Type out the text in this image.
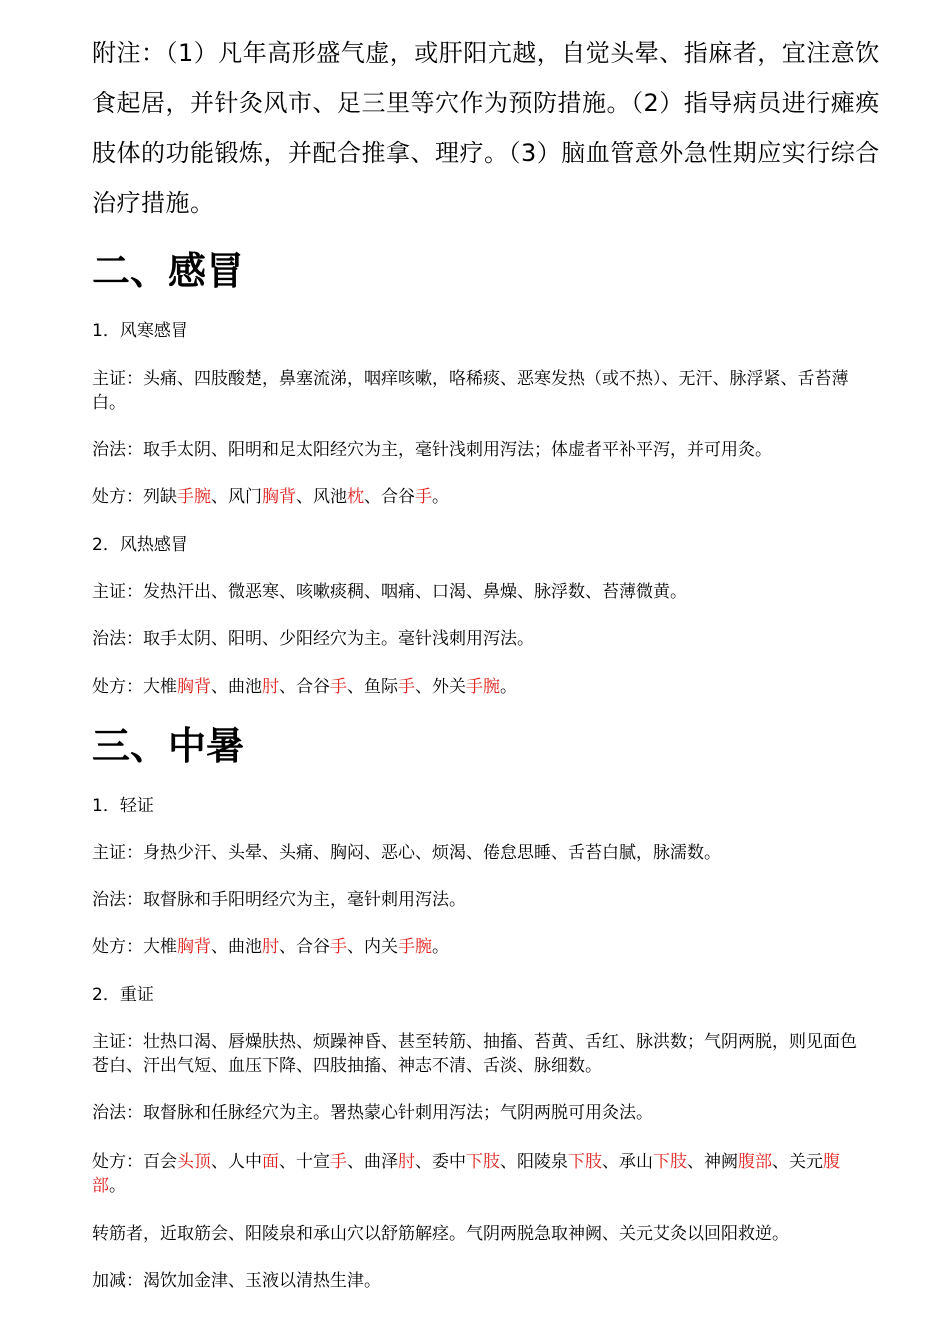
附注：（1）凡年高形盛气虚，或肝阳亢越，自觉头晕、指麻者，宜注意饮食起居，并针灸风市、足三里等穴作为预防措施。（2）指导病员进行瘫痪肢体的功能锻炼，并配合推拿、理疗。（3）脑血管意外急性期应实行综合治疗措施。
二、感冒
1．风寒感冒
主证：头痛、四肢酸楚，鼻塞流涕，咽痒咳嗽，咯稀痰、恶寒发热（或不热）、无汗、脉浮紧、舌苔薄白。
治法：取手太阴、阳明和足太阳经穴为主，毫针浅刺用泻法；体虚者平补平泻，并可用灸。
处方：列缺手腕、风门胸背、风池枕、合谷手。
2．风热感冒
主证：发热汗出、微恶寒、咳嗽痰稠、咽痛、口渴、鼻燥、脉浮数、苔薄微黄。
治法：取手太阴、阳明、少阳经穴为主。毫针浅刺用泻法。
处方：大椎胸背、曲池肘、合谷手、鱼际手、外关手腕。
三、中暑
1．轻证
主证：身热少汗、头晕、头痛、胸闷、恶心、烦渴、倦怠思睡、舌苔白腻，脉濡数。
治法：取督脉和手阳明经穴为主，毫针刺用泻法。
处方：大椎胸背、曲池肘、合谷手、内关手腕。
2．重证
主证：壮热口渴、唇燥肤热、烦躁神昏、甚至转筋、抽搐、苔黄、舌红、脉洪数；气阴两脱，则见面色苍白、汗出气短、血压下降、四肢抽搐、神志不清、舌淡、脉细数。
治法：取督脉和任脉经穴为主。署热蒙心针刺用泻法；气阴两脱可用灸法。
处方：百会头顶、人中面、十宣手、曲泽肘、委中下肢、阳陵泉下肢、承山下肢、神阙腹部、关元腹部。
转筋者，近取筋会、阳陵泉和承山穴以舒筋解痉。气阴两脱急取神阙、关元艾灸以回阳救逆。
加减：渴饮加金津、玉液以清热生津。
